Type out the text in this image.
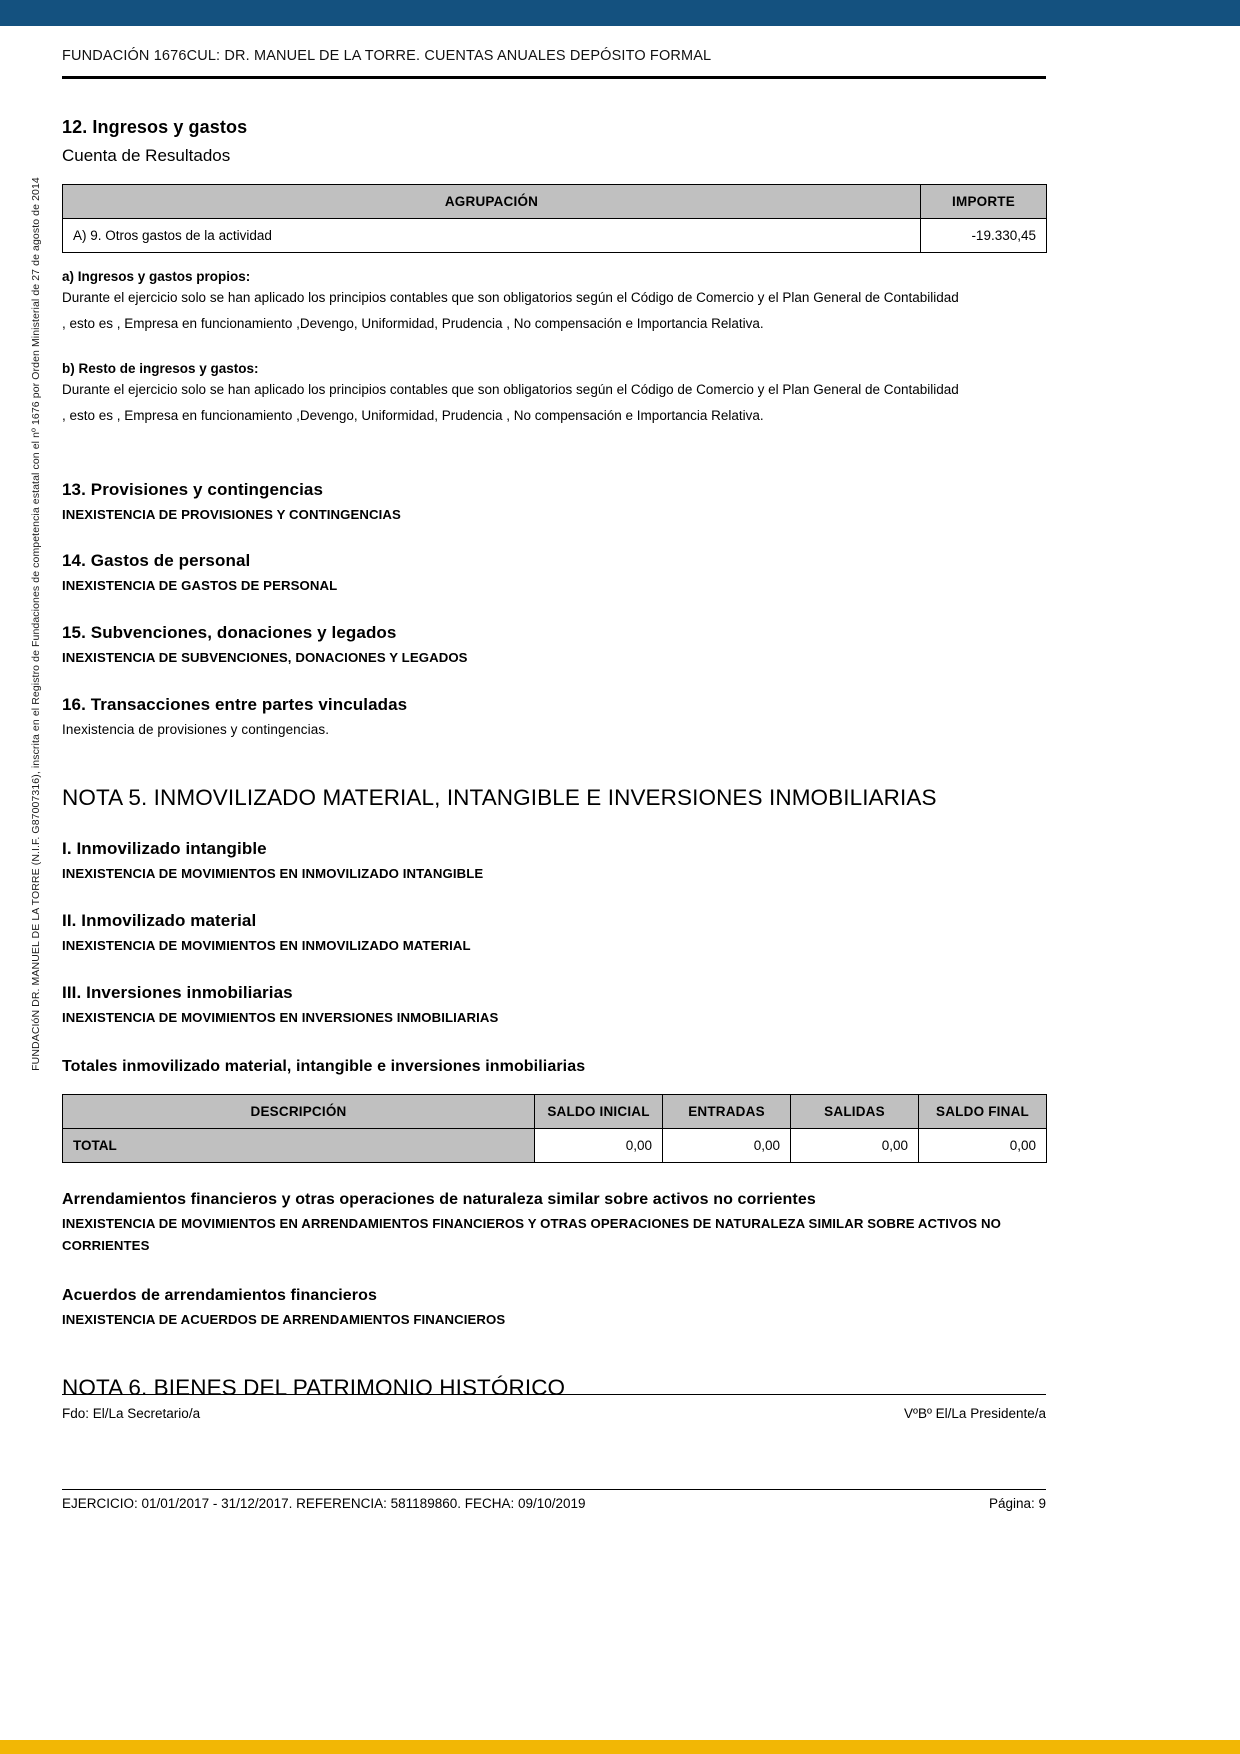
FUNDACIóN DR. MANUEL DE LA TORRE (N.I.F. G87007316), inscrita en el Registro de Fundaciones de competencia estatal con el nº 1676 por Orden Ministerial de 27 de agosto de 2014
FUNDACIÓN 1676CUL: DR. MANUEL DE LA TORRE. CUENTAS ANUALES DEPÓSITO FORMAL
12. Ingresos y gastos

Cuenta de Resultados

AGRUPACIÓN	IMPORTE
A) 9. Otros gastos de la actividad	-19.330,45

a) Ingresos y gastos propios:

Durante el ejercicio solo se han aplicado los principios contables que son obligatorios según el Código de Comercio y el Plan General de Contabilidad

, esto es , Empresa en funcionamiento ,Devengo, Uniformidad, Prudencia , No compensación e Importancia Relativa.

b) Resto de ingresos y gastos:

Durante el ejercicio solo se han aplicado los principios contables que son obligatorios según el Código de Comercio y el Plan General de Contabilidad

, esto es , Empresa en funcionamiento ,Devengo, Uniformidad, Prudencia , No compensación e Importancia Relativa.

13. Provisiones y contingencias

INEXISTENCIA DE PROVISIONES Y CONTINGENCIAS

14. Gastos de personal

INEXISTENCIA DE GASTOS DE PERSONAL

15. Subvenciones, donaciones y legados

INEXISTENCIA DE SUBVENCIONES, DONACIONES Y LEGADOS

16. Transacciones entre partes vinculadas

Inexistencia de provisiones y contingencias.

NOTA 5. INMOVILIZADO MATERIAL, INTANGIBLE E INVERSIONES INMOBILIARIAS

I. Inmovilizado intangible

INEXISTENCIA DE MOVIMIENTOS EN INMOVILIZADO INTANGIBLE

II. Inmovilizado material

INEXISTENCIA DE MOVIMIENTOS EN INMOVILIZADO MATERIAL

III. Inversiones inmobiliarias

INEXISTENCIA DE MOVIMIENTOS EN INVERSIONES INMOBILIARIAS

Totales inmovilizado material, intangible e inversiones inmobiliarias

DESCRIPCIÓN	SALDO INICIAL	ENTRADAS	SALIDAS	SALDO FINAL
TOTAL	0,00	0,00	0,00	0,00

Arrendamientos financieros y otras operaciones de naturaleza similar sobre activos no corrientes

INEXISTENCIA DE MOVIMIENTOS EN ARRENDAMIENTOS FINANCIEROS Y OTRAS OPERACIONES DE NATURALEZA SIMILAR SOBRE ACTIVOS NO CORRIENTES

Acuerdos de arrendamientos financieros

INEXISTENCIA DE ACUERDOS DE ARRENDAMIENTOS FINANCIEROS

NOTA 6. BIENES DEL PATRIMONIO HISTÓRICO
Fdo: El/La Secretario/a	VºBº El/La Presidente/a
EJERCICIO: 01/01/2017 - 31/12/2017. REFERENCIA: 581189860. FECHA: 09/10/2019	Página: 9
